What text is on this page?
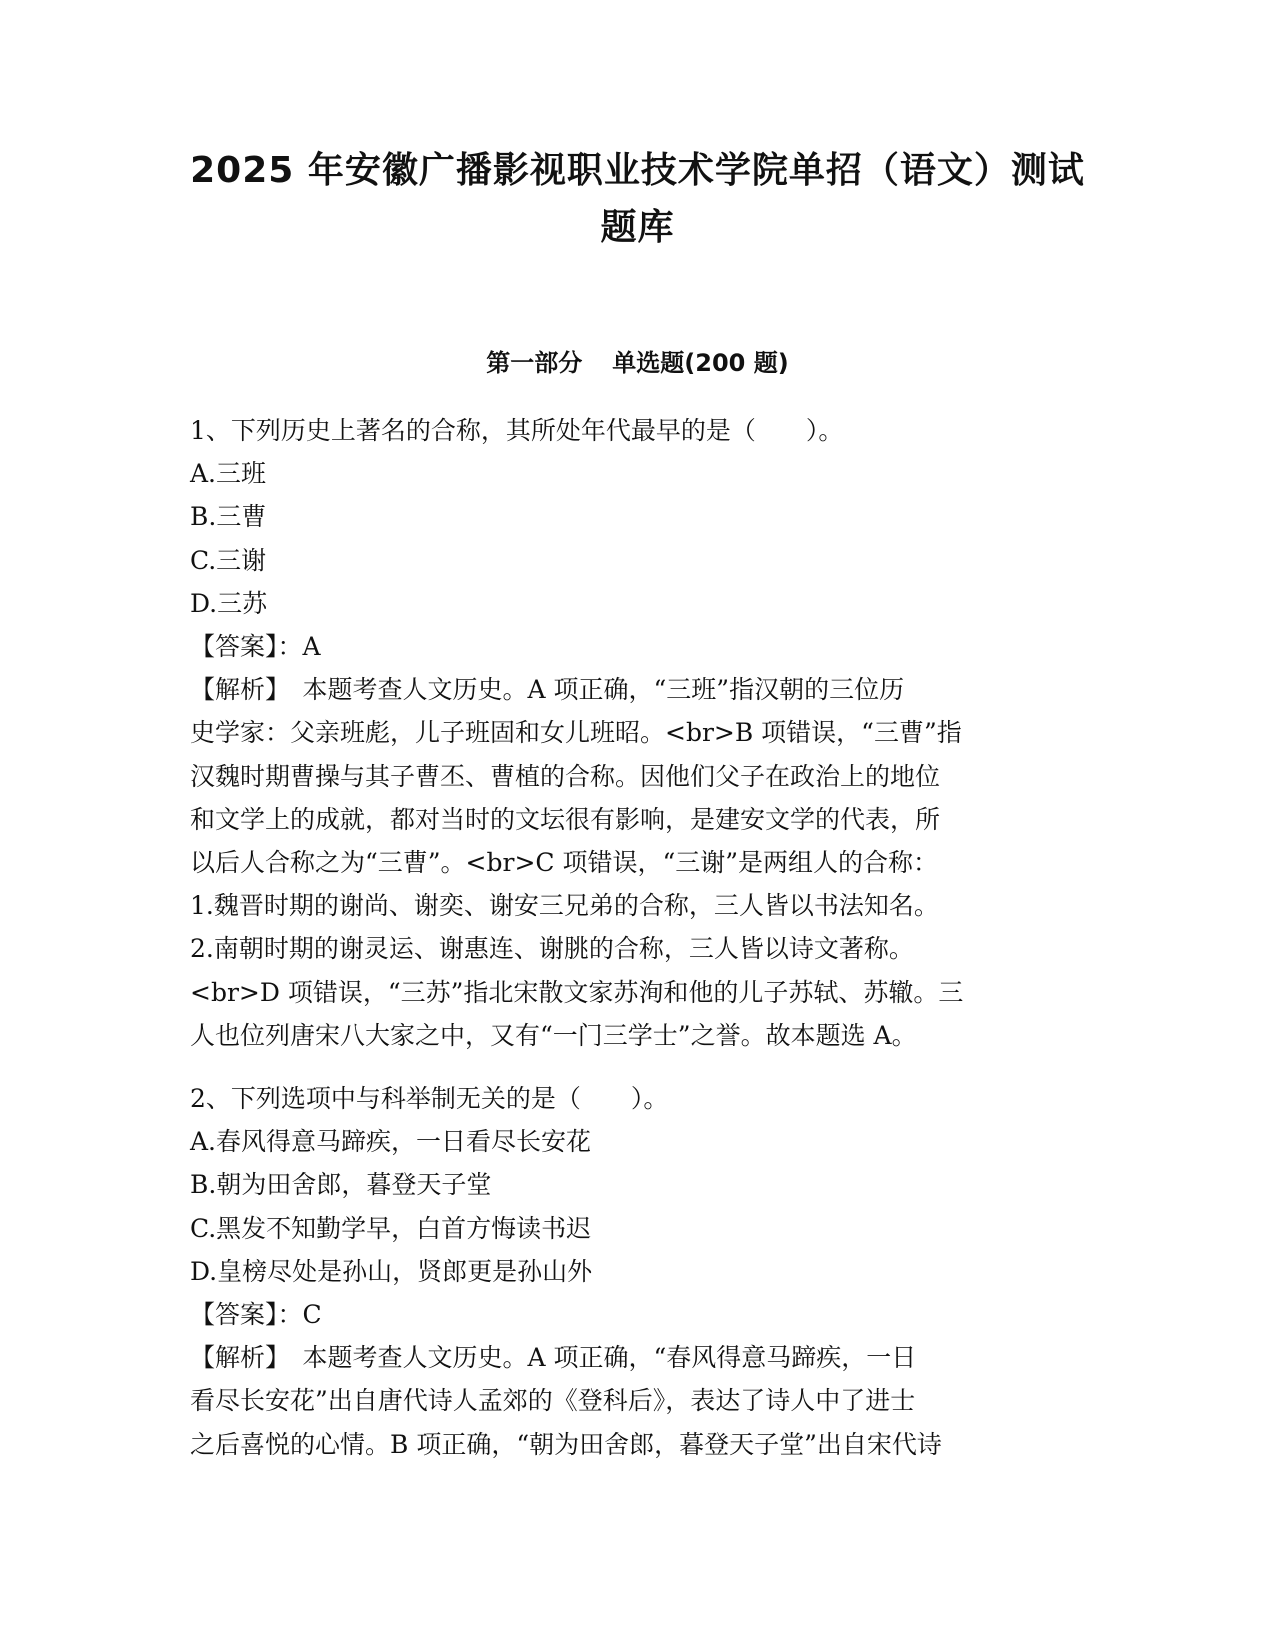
2025 年安徽广播影视职业技术学院单招（语文）测试
题库
第一部分 单选题(200 题)

1、下列历史上著名的合称，其所处年代最早的是（　　）。

A.三班

B.三曹

C.三谢

D.三苏

【答案】：A

【解析】　本题考查人文历史。A 项正确，“三班”指汉朝的三位历

史学家：父亲班彪，儿子班固和女儿班昭。<br>B 项错误，“三曹”指

汉魏时期曹操与其子曹丕、曹植的合称。因他们父子在政治上的地位

和文学上的成就，都对当时的文坛很有影响，是建安文学的代表，所

以后人合称之为“三曹”。<br>C 项错误，“三谢”是两组人的合称：

1.魏晋时期的谢尚、谢奕、谢安三兄弟的合称，三人皆以书法知名。

2.南朝时期的谢灵运、谢惠连、谢朓的合称，三人皆以诗文著称。

<br>D 项错误，“三苏”指北宋散文家苏洵和他的儿子苏轼、苏辙。三

人也位列唐宋八大家之中，又有“一门三学士”之誉。故本题选 A。

2、下列选项中与科举制无关的是（　　）。

A.春风得意马蹄疾，一日看尽长安花

B.朝为田舍郎，暮登天子堂

C.黑发不知勤学早，白首方悔读书迟

D.皇榜尽处是孙山，贤郎更是孙山外

【答案】：C

【解析】　本题考查人文历史。A 项正确，“春风得意马蹄疾，一日

看尽长安花”出自唐代诗人孟郊的《登科后》，表达了诗人中了进士

之后喜悦的心情。B 项正确，“朝为田舍郎，暮登天子堂”出自宋代诗
